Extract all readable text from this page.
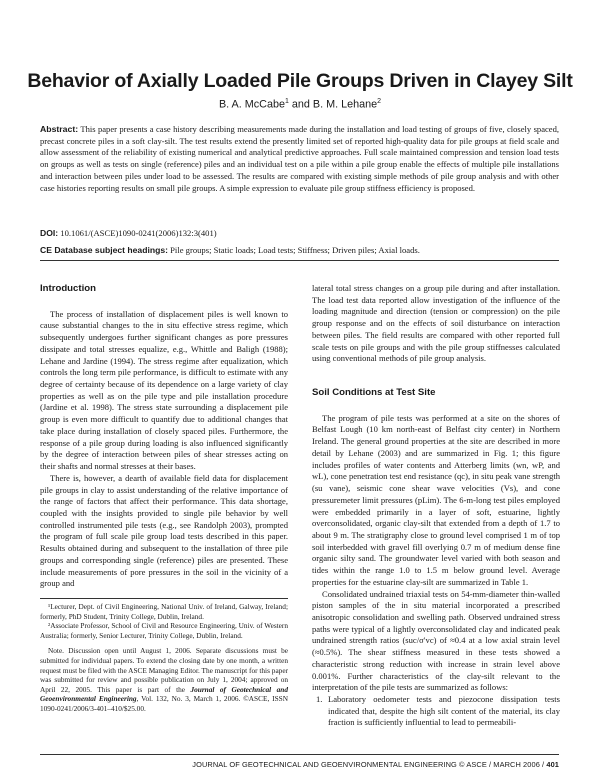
Behavior of Axially Loaded Pile Groups Driven in Clayey Silt
B. A. McCabe$^1$ and B. M. Lehane$^2$
Abstract: This paper presents a case history describing measurements made during the installation and load testing of groups of five, closely spaced, precast concrete piles in a soft clay-silt. The test results extend the presently limited set of reported high-quality data for pile groups at field scale and allow assessment of the reliability of existing numerical and analytical predictive approaches. Full scale maintained compression and tension load tests on groups as well as tests on single (reference) piles and an individual test on a pile within a pile group enable the effects of multiple pile installations and interaction between piles under load to be assessed. The results are compared with existing simple methods of pile group analysis and with other case histories reporting results on small pile groups. A simple expression to evaluate pile group stiffness efficiency is proposed.
DOI: 10.1061/(ASCE)1090-0241(2006)132:3(401)
CE Database subject headings: Pile groups; Static loads; Load tests; Stiffness; Driven piles; Axial loads.
Introduction

The process of installation of displacement piles is well known to cause substantial changes to the in situ effective stress regime, which subsequently undergoes further significant changes as pore pressures dissipate and total stresses equalize, e.g., Whittle and Baligh (1988); Lehane and Jardine (1994). The stress regime after equalization, which controls the long term pile performance, is difficult to estimate with any degree of certainty because of its dependence on a large variety of clay properties as well as on the pile type and pile installation procedure (Jardine et al. 1998). The stress state surrounding a displacement pile group is even more difficult to quantify due to additional changes that take place during installation of closely spaced piles. Furthermore, the response of a pile group during loading is also influenced significantly by the degree of interaction between piles of shear stresses acting on their shafts and normal stresses at their bases.

There is, however, a dearth of available field data for displacement pile groups in clay to assist understanding of the relative importance of the range of factors that affect their performance. This data shortage, coupled with the insights provided to single pile behavior by well controlled instrumented pile tests (e.g., see Randolph 2003), prompted the program of full scale pile group load tests described in this paper. Results obtained during and subsequent to the installation of three pile groups and corresponding single (reference) piles are presented. These include measurements of pore pressures in the soil in the vicinity of a group and

¹Lecturer, Dept. of Civil Engineering, National Univ. of Ireland, Galway, Ireland; formerly, PhD Student, Trinity College, Dublin, Ireland.

²Associate Professor, School of Civil and Resource Engineering, Univ. of Western Australia; formerly, Senior Lecturer, Trinity College, Dublin, Ireland.

Note. Discussion open until August 1, 2006. Separate discussions must be submitted for individual papers. To extend the closing date by one month, a written request must be filed with the ASCE Managing Editor. The manuscript for this paper was submitted for review and possible publication on July 1, 2004; approved on April 22, 2005. This paper is part of the Journal of Geotechnical and Geoenvironmental Engineering, Vol. 132, No. 3, March 1, 2006. ©ASCE, ISSN 1090-0241/2006/3-401–410/$25.00.

lateral total stress changes on a group pile during and after installation. The load test data reported allow investigation of the influence of the loading magnitude and direction (tension or compression) on the pile group response and on the effects of soil disturbance on interaction between piles. The field results are compared with other reported full scale tests on pile groups and with the pile group stiffnesses calculated using conventional methods of pile group analysis.

Soil Conditions at Test Site

The program of pile tests was performed at a site on the shores of Belfast Lough (10 km north-east of Belfast city center) in Northern Ireland. The general ground properties at the site are described in more detail by Lehane (2003) and are summarized in Fig. 1; this figure includes profiles of water contents and Atterberg limits (wn, wP, and wL), cone penetration test end resistance (qc), in situ peak vane strength (su vane), seismic cone shear wave velocities (Vs), and cone pressuremeter limit pressures (pLim). The 6-m-long test piles employed were embedded primarily in a layer of soft, estuarine, lightly overconsolidated, organic clay-silt that extended from a depth of 1.7 to about 9 m. The stratigraphy close to ground level comprised 1 m of top soil interbedded with gravel fill overlying 0.7 m of medium dense fine organic silty sand. The groundwater level varied with both season and tides within the range 1.0 to 1.5 m below ground level. Average properties for the estuarine clay-silt are summarized in Table 1.

Consolidated undrained triaxial tests on 54-mm-diameter thin-walled piston samples of the in situ material incorporated a prescribed anisotropic consolidation and swelling path. Observed undrained stress paths were typical of a lightly overconsolidated clay and indicated peak undrained strength ratios (suc/σ′vc) of ≈0.4 at a low axial strain level (≈0.5%). The shear stiffness measured in these tests showed a characteristic strong reduction with increase in strain level above 0.001%. Further characteristics of the clay-silt relevant to the interpretation of the pile tests are summarized as follows:

1. Laboratory oedometer tests and piezocone dissipation tests indicated that, despite the high silt content of the material, its clay fraction is sufficiently influential to lead to permeabili-

JOURNAL OF GEOTECHNICAL AND GEOENVIRONMENTAL ENGINEERING © ASCE / MARCH 2006 / 401
